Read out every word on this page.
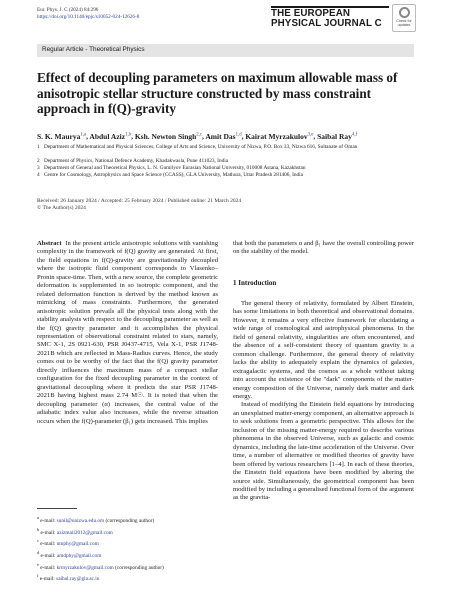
Eur. Phys. J. C (2024) 84:296
https://doi.org/10.1140/epjc/s10052-024-12626-8	THE EUROPEAN
PHYSICAL JOURNAL C	Check for updates
Regular Article - Theoretical Physics
Effect of decoupling parameters on maximum allowable mass of
anisotropic stellar structure constructed by mass constraint
approach in f(Q)-gravity
S. K. Maurya$^{1,a}$, Abdul Aziz$^{1,b}$, Ksh. Newton Singh$^{2,c}$, Amit Das$^{1,d}$, Kairat Myrzakulov$^{3,e}$, Saibal Ray$^{4,f}$
1 Department of Mathematical and Physical Sciences, College of Arts and Science, University of Nizwa, P.O. Box 33, Nizwa 616, Sultanate of Oman
2 Department of Physics, National Defence Academy, Khadakwasla, Pune 411023, India
3 Department of General and Theoretical Physics, L. N. Gumilyov Eurasian National University, 010008 Astana, Kazakhstan
4 Centre for Cosmology, Astrophysics and Space Science (CCASS), GLA University, Mathura, Uttar Pradesh 281406, India
Received: 26 January 2024 / Accepted: 25 February 2024 / Published online: 21 March 2024
© The Author(s) 2024
Abstract In the present article anisotropic solutions with vanishing complexity in the framework of f(Q) gravity are generated. At first, the field equations in f(Q)-gravity are gravitationally decoupled where the isotropic fluid component corresponds to Vlasenko–Pronin space-time. Then, with a new source, the complete geometric deformation is supplemented in so isotropic component, and the related deformation function is derived by the method known as mimicking of mass constraints. Furthermore, the generated anisotropic solution prevails all the physical tests along with the stability analysis with respect to the decoupling parameter as well as the f(Q) gravity parameter and it accomplishes the physical representation of observational constraint related to stars, namely, SMC X-1, 2S 0921-630, PSR J0437-4715, Vela X-1, PSR J1748-2021B which are reflected in Mass-Radius curves. Hence, the study comes out to be worthy of the fact that the f(Q) gravity parameter directly influences the maximum mass of a compact stellar configuration for the fixed decoupling parameter in the context of gravitational decoupling where it predicts the star PSR J1748-2021B having highest mass 2.74 M☉. It is noted that when the decoupling parameter (α) increases, the central value of the adiabatic index value also increases, while the reverse situation occurs when the f(Q)-parameter (β₁) gets increased. This implies
that both the parameters α and β₁ have the overall controlling power on the stability of the model.
1 Introduction

The general theory of relativity, formulated by Albert Einstein, has some limitations in both theoretical and observational domains. However, it remains a very effective framework for elucidating a wide range of cosmological and astrophysical phenomena. In the field of general relativity, singularities are often encountered, and the absence of a self-consistent theory of quantum gravity is a common challenge. Furthermore, the general theory of relativity lacks the ability to adequately explain the dynamics of galaxies, extragalactic systems, and the cosmos as a whole without taking into account the existence of the "dark" components of the matter-energy composition of the Universe, namely dark matter and dark energy.

Instead of modifying the Einstein field equations by introducing an unexplained matter-energy component, an alternative approach is to seek solutions from a geometric perspective. This allows for the inclusion of the missing matter-energy required to describe various phenomena in the observed Universe, such as galactic and cosmic dynamics, including the late-time acceleration of the Universe. Over time, a number of alternative or modified theories of gravity have been offered by various researchers [1–4]. In each of these theories, the Einstein field equations have been modified by altering the source side. Simultaneously, the geometrical component has been modified by including a generalised functional form of the argument as the gravita-

$^a$ e-mail: sunil@unizwa.edu.om (corresponding author)
$^b$ e-mail: azizmail2012@gmail.com
$^c$ e-mail: ntnphy@gmail.com
$^d$ e-mail: amdphy@gmail.com
$^e$ e-mail: krmyrzakulov@gmail.com (corresponding author)
$^f$ e-mail: saibal.ray@gla.ac.in
